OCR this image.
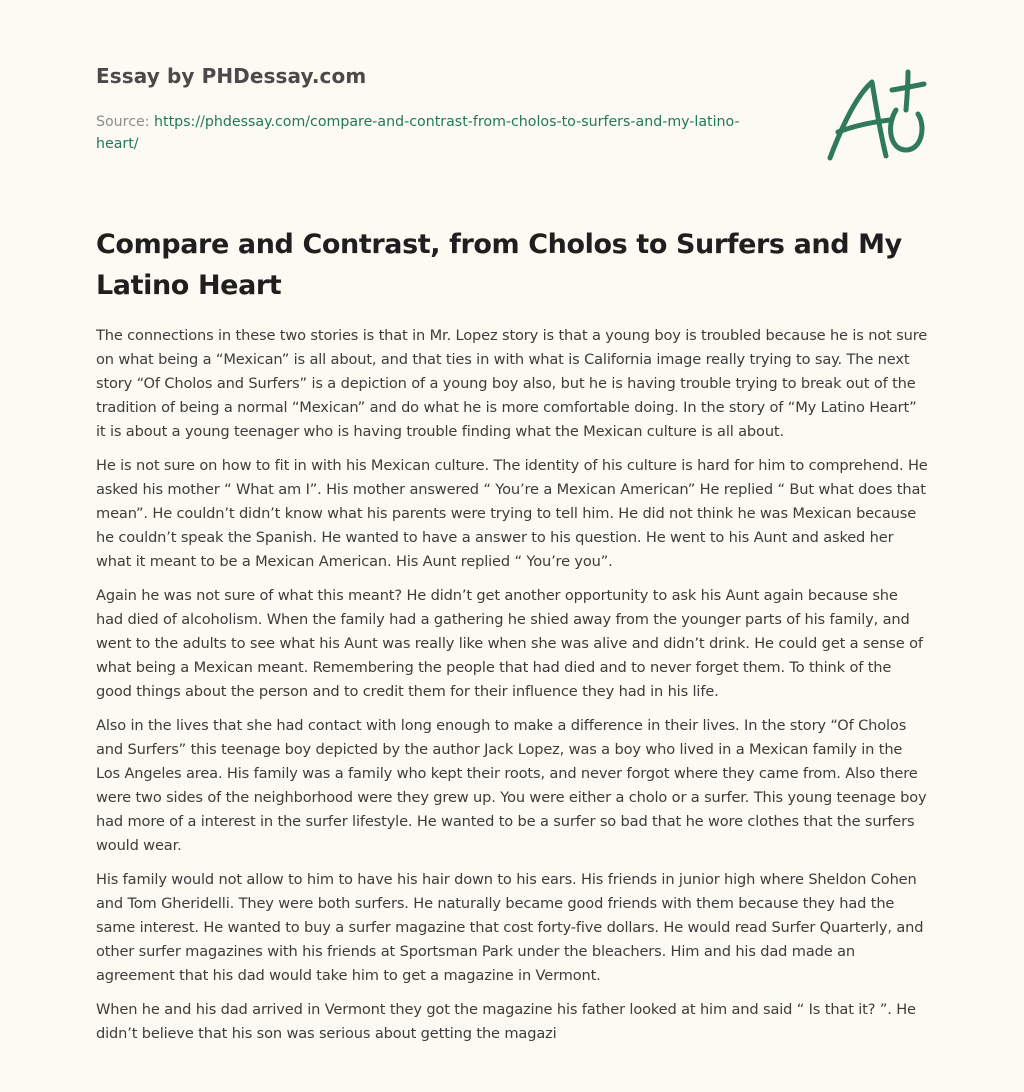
Essay by PHDessay.com
Source: https://phdessay.com/compare-and-contrast-from-cholos-to-surfers-and-my-latino-heart/
Compare and Contrast, from Cholos to Surfers and My Latino Heart

The connections in these two stories is that in Mr. Lopez story is that a young boy is troubled because he is not sure on what being a “Mexican” is all about, and that ties in with what is California image really trying to say. The next story “Of Cholos and Surfers” is a depiction of a young boy also, but he is having trouble trying to break out of the tradition of being a normal “Mexican” and do what he is more comfortable doing. In the story of “My Latino Heart” it is about a young teenager who is having trouble finding what the Mexican culture is all about.

He is not sure on how to fit in with his Mexican culture. The identity of his culture is hard for him to comprehend. He asked his mother “ What am I”. His mother answered “ You’re a Mexican American” He replied “ But what does that mean”. He couldn’t didn’t know what his parents were trying to tell him. He did not think he was Mexican because he couldn’t speak the Spanish. He wanted to have a answer to his question. He went to his Aunt and asked her what it meant to be a Mexican American. His Aunt replied “ You’re you”.

Again he was not sure of what this meant? He didn’t get another opportunity to ask his Aunt again because she had died of alcoholism. When the family had a gathering he shied away from the younger parts of his family, and went to the adults to see what his Aunt was really like when she was alive and didn’t drink. He could get a sense of what being a Mexican meant. Remembering the people that had died and to never forget them. To think of the good things about the person and to credit them for their influence they had in his life.

Also in the lives that she had contact with long enough to make a difference in their lives. In the story “Of Cholos and Surfers” this teenage boy depicted by the author Jack Lopez, was a boy who lived in a Mexican family in the Los Angeles area. His family was a family who kept their roots, and never forgot where they came from. Also there were two sides of the neighborhood were they grew up. You were either a cholo or a surfer. This young teenage boy had more of a interest in the surfer lifestyle. He wanted to be a surfer so bad that he wore clothes that the surfers would wear.

His family would not allow to him to have his hair down to his ears. His friends in junior high where Sheldon Cohen and Tom Gheridelli. They were both surfers. He naturally became good friends with them because they had the same interest. He wanted to buy a surfer magazine that cost forty-five dollars. He would read Surfer Quarterly, and other surfer magazines with his friends at Sportsman Park under the bleachers. Him and his dad made an agreement that his dad would take him to get a magazine in Vermont.

When he and his dad arrived in Vermont they got the magazine his father looked at him and said “ Is that it? ”. He didn’t believe that his son was serious about getting the magazi
